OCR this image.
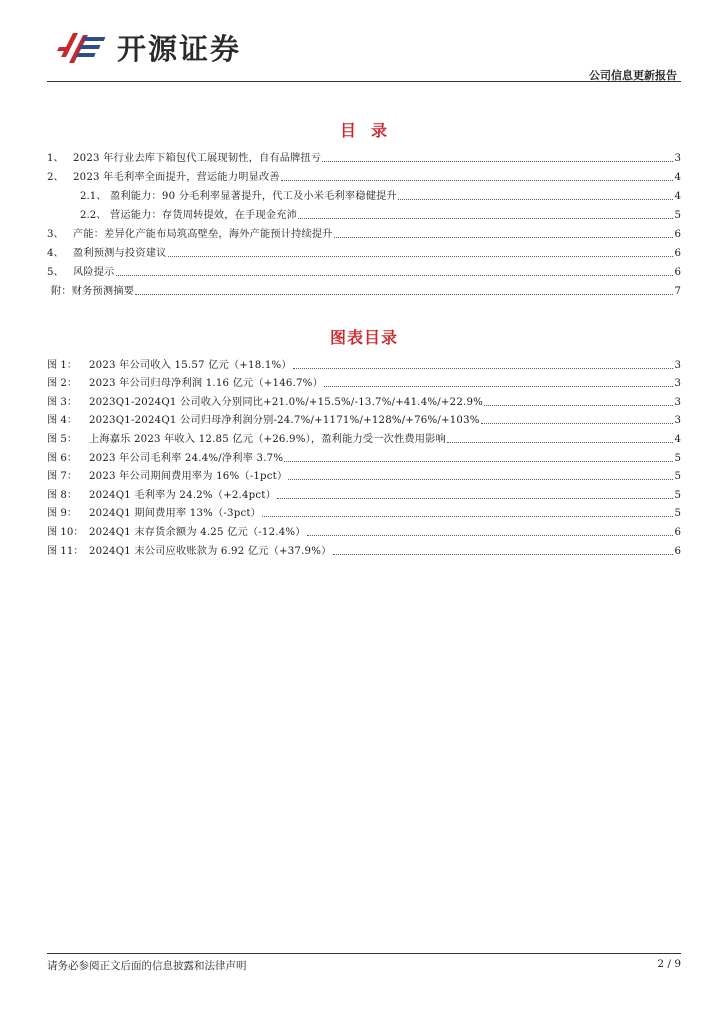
开源证券
公司信息更新报告
目 录
1、 2023 年行业去库下箱包代工展现韧性，自有品牌扭亏	3
2、 2023 年毛利率全面提升，营运能力明显改善	4
2.1、 盈利能力：90 分毛利率显著提升，代工及小米毛利率稳健提升	4
2.2、 营运能力：存货周转提效，在手现金充沛	5
3、 产能：差异化产能布局筑高壁垒，海外产能预计持续提升	6
4、 盈利预测与投资建议	6
5、 风险提示	6
附：财务预测摘要	7
图表目录
图 1：	2023 年公司收入 15.57 亿元（+18.1%）	3
图 2：	2023 年公司归母净利润 1.16 亿元（+146.7%）	3
图 3：	2023Q1-2024Q1 公司收入分别同比+21.0%/+15.5%/-13.7%/+41.4%/+22.9%	3
图 4：	2023Q1-2024Q1 公司归母净利润分别-24.7%/+1171%/+128%/+76%/+103%	3
图 5：	上海嘉乐 2023 年收入 12.85 亿元（+26.9%），盈利能力受一次性费用影响	4
图 6：	2023 年公司毛利率 24.4%/净利率 3.7%	5
图 7：	2023 年公司期间费用率为 16%（-1pct）	5
图 8：	2024Q1 毛利率为 24.2%（+2.4pct）	5
图 9：	2024Q1 期间费用率 13%（-3pct）	5
图 10： 2024Q1 末存货余额为 4.25 亿元（-12.4%）	6
图 11： 2024Q1 末公司应收账款为 6.92 亿元（+37.9%）	6
请务必参阅正文后面的信息披露和法律声明	2 / 9
